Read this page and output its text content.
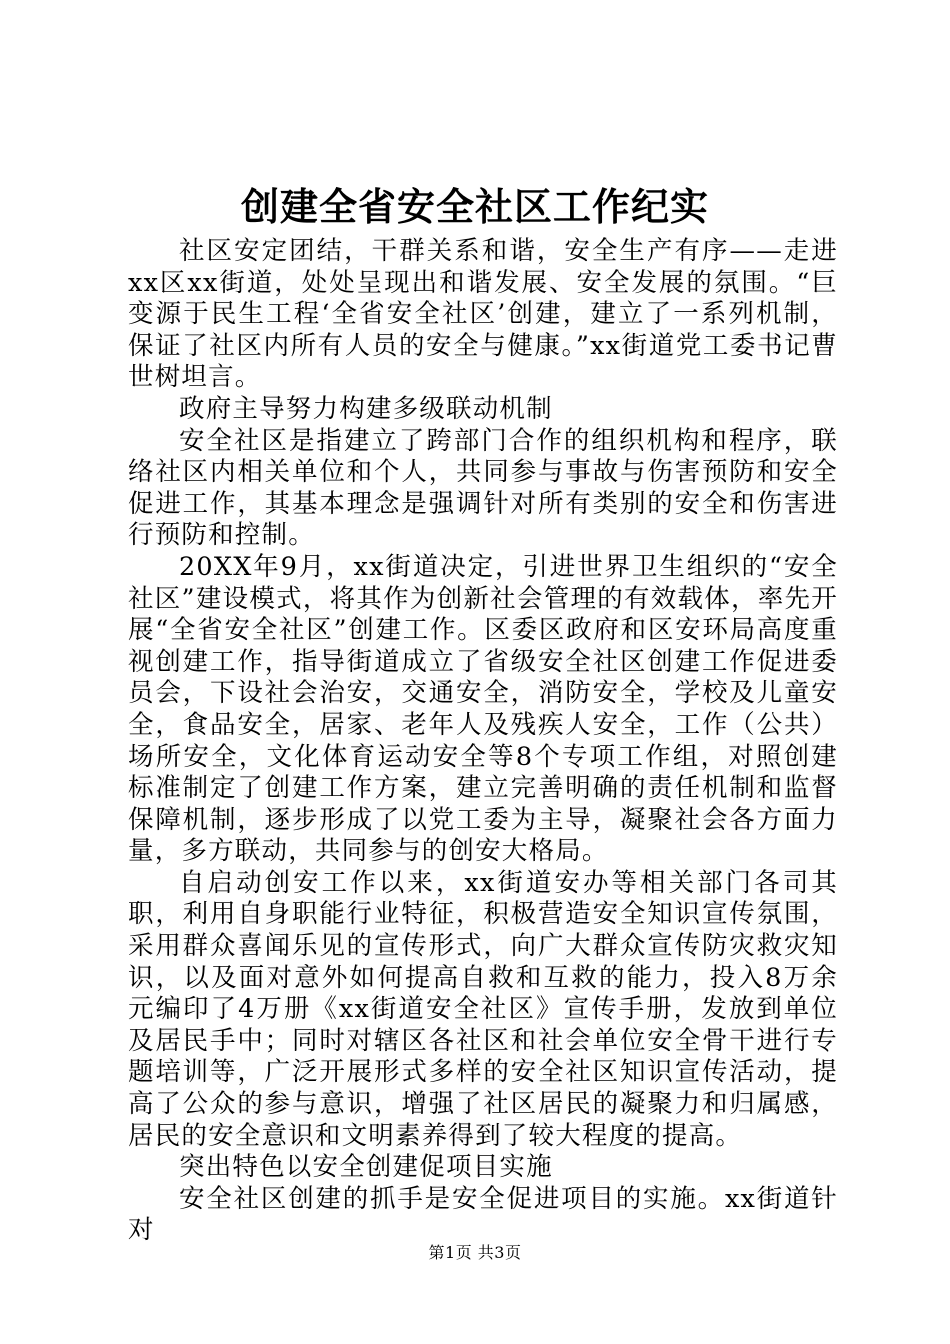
创建全省安全社区工作纪实

社区安定团结，干群关系和谐，安全生产有序——走进xx区xx街道，处处呈现出和谐发展、安全发展的氛围。“巨变源于民生工程‘全省安全社区’创建，建立了一系列机制，保证了社区内所有人员的安全与健康。”xx街道党工委书记曹世树坦言。

政府主导努力构建多级联动机制

安全社区是指建立了跨部门合作的组织机构和程序，联络社区内相关单位和个人，共同参与事故与伤害预防和安全促进工作，其基本理念是强调针对所有类别的安全和伤害进行预防和控制。

20XX年9月，xx街道决定，引进世界卫生组织的“安全社区”建设模式，将其作为创新社会管理的有效载体，率先开展“全省安全社区”创建工作。区委区政府和区安环局高度重视创建工作，指导街道成立了省级安全社区创建工作促进委员会，下设社会治安，交通安全，消防安全，学校及儿童安全，食品安全，居家、老年人及残疾人安全，工作（公共）场所安全，文化体育运动安全等8个专项工作组，对照创建标准制定了创建工作方案，建立完善明确的责任机制和监督保障机制，逐步形成了以党工委为主导，凝聚社会各方面力量，多方联动，共同参与的创安大格局。

自启动创安工作以来，xx街道安办等相关部门各司其职，利用自身职能行业特征，积极营造安全知识宣传氛围，采用群众喜闻乐见的宣传形式，向广大群众宣传防灾救灾知识，以及面对意外如何提高自救和互救的能力，投入8万余元编印了4万册《xx街道安全社区》宣传手册，发放到单位及居民手中；同时对辖区各社区和社会单位安全骨干进行专题培训等，广泛开展形式多样的安全社区知识宣传活动，提高了公众的参与意识，增强了社区居民的凝聚力和归属感，居民的安全意识和文明素养得到了较大程度的提高。

突出特色以安全创建促项目实施

安全社区创建的抓手是安全促进项目的实施。xx街道针对

第1页 共3页
